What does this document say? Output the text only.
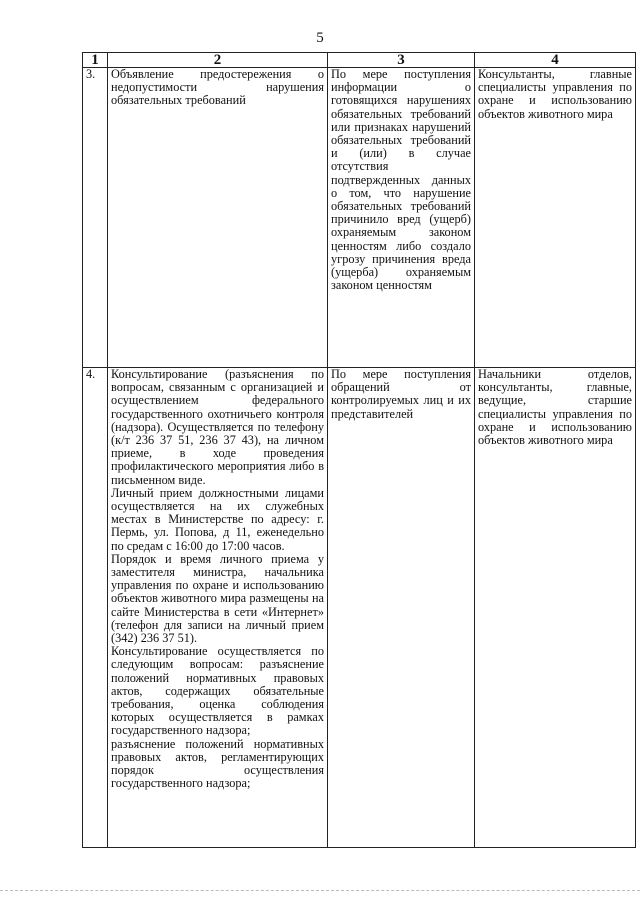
5
1	2	3	4
3.	Объявление предостережения о недопустимости нарушения обязательных требований	По мере поступления информации о готовящихся нарушениях обязательных требований или признаках нарушений обязательных требований и (или) в случае отсутствия подтвержденных данных о том, что нарушение обязательных требований причинило вред (ущерб) охраняемым законом ценностям либо создало угрозу причинения вреда (ущерба) охраняемым законом ценностям	Консультанты, главные специалисты управления по охране и использованию объектов животного мира
4.	Консультирование (разъяснения по вопросам, связанным с организацией и осуществлением федерального государственного охотничьего контроля (надзора). Осуществляется по телефону (к/т 236 37 51, 236 37 43), на личном приеме, в ходе проведения профилактического мероприятия либо в письменном виде.
Личный прием должностными лицами осуществляется на их служебных местах в Министерстве по адресу: г. Пермь, ул. Попова, д 11, еженедельно по средам с 16:00 до 17:00 часов.
Порядок и время личного приема у заместителя министра, начальника управления по охране и использованию объектов животного мира размещены на сайте Министерства в сети «Интернет» (телефон для записи на личный прием (342) 236 37 51).
Консультирование осуществляется по следующим вопросам: разъяснение положений нормативных правовых актов, содержащих обязательные требования, оценка соблюдения которых осуществляется в рамках государственного надзора;
разъяснение положений нормативных правовых актов, регламентирующих порядок осуществления государственного надзора;	По мере поступления обращений от контролируемых лиц и их представителей	Начальники отделов, консультанты, главные, ведущие, старшие специалисты управления по охране и использованию объектов животного мира
